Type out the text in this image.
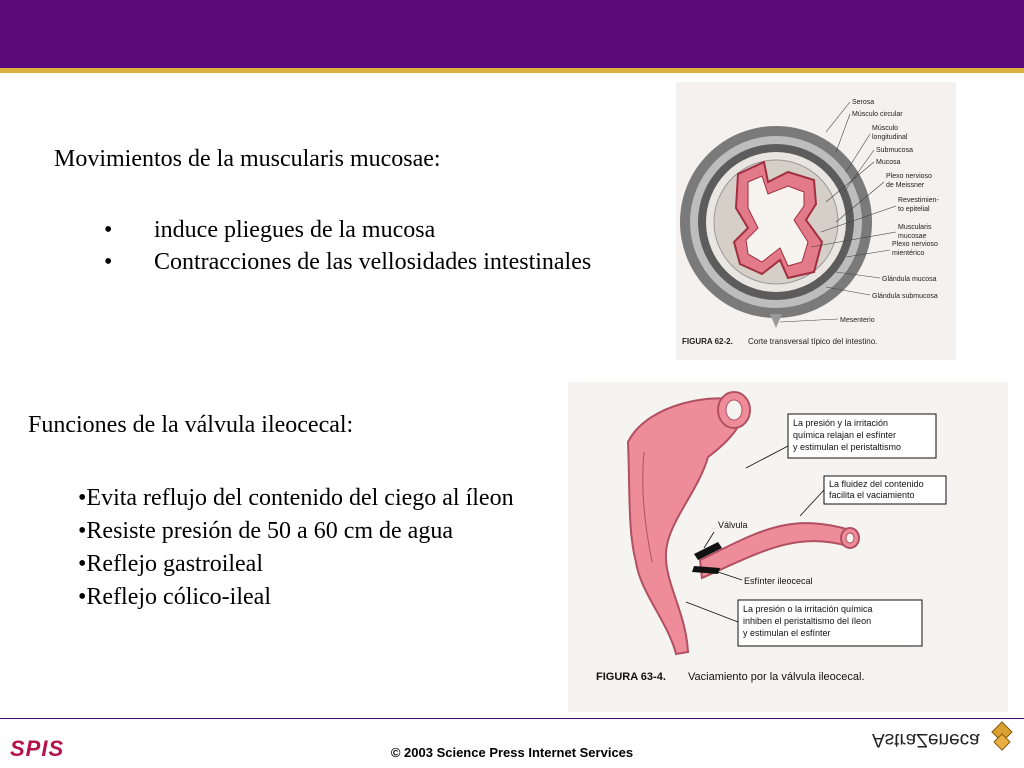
Movimientos de la muscularis mucosae:
•	induce pliegues de la mucosa
•	Contracciones de las vellosidades intestinales
Funciones de la válvula ileocecal:
•Evita reflujo del contenido del ciego al íleon
•Resiste presión de 50 a 60 cm de agua
•Reflejo gastroileal
•Reflejo cólico-ileal
Serosa
Músculo circular
Músculo
longitudinal
Submucosa
Mucosa
Plexo nervioso
de Meissner
Revestimien-
to epitelial
Muscularis
mucosae
Plexo nervioso
mientérico
Glándula mucosa
Glándula submucosa
Mesenterio
FIGURA 62-2. Corte transversal típico del intestino.
La presión y la irritación
química relajan el esfínter
y estimulan el peristaltismo
La fluidez del contenido
facilita el vaciamiento
Válvula
Esfínter ileocecal
La presión o la irritación química
inhiben el peristaltismo del íleon
y estimulan el esfínter
FIGURA 63-4. Vaciamiento por la válvula ileocecal.
SPIS	© 2003 Science Press Internet Services
AstraZeneca
